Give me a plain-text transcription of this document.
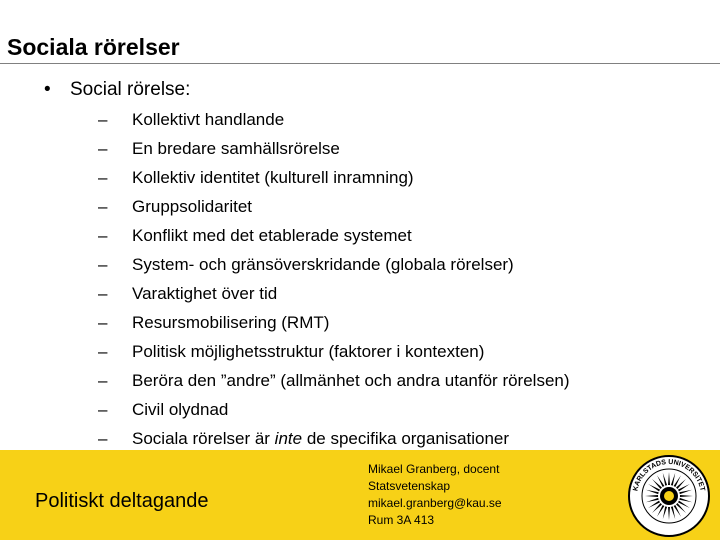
Sociala rörelser
• Social rörelse:
– Kollektivt handlande
– En bredare samhällsrörelse
– Kollektiv identitet (kulturell inramning)
– Gruppsolidaritet
– Konflikt med det etablerade systemet
– System- och gränsöverskridande (globala rörelser)
– Varaktighet över tid
– Resursmobilisering (RMT)
– Politisk möjlighetsstruktur (faktorer i kontexten)
– Beröra den ”andre” (allmänhet och andra utanför rörelsen)
– Civil olydnad
– Sociala rörelser är inte de specifika organisationer
Politiskt deltagande
Mikael Granberg, docent
Statsvetenskap
mikael.granberg@kau.se
Rum 3A 413
KARLSTADS UNIVERSITET
